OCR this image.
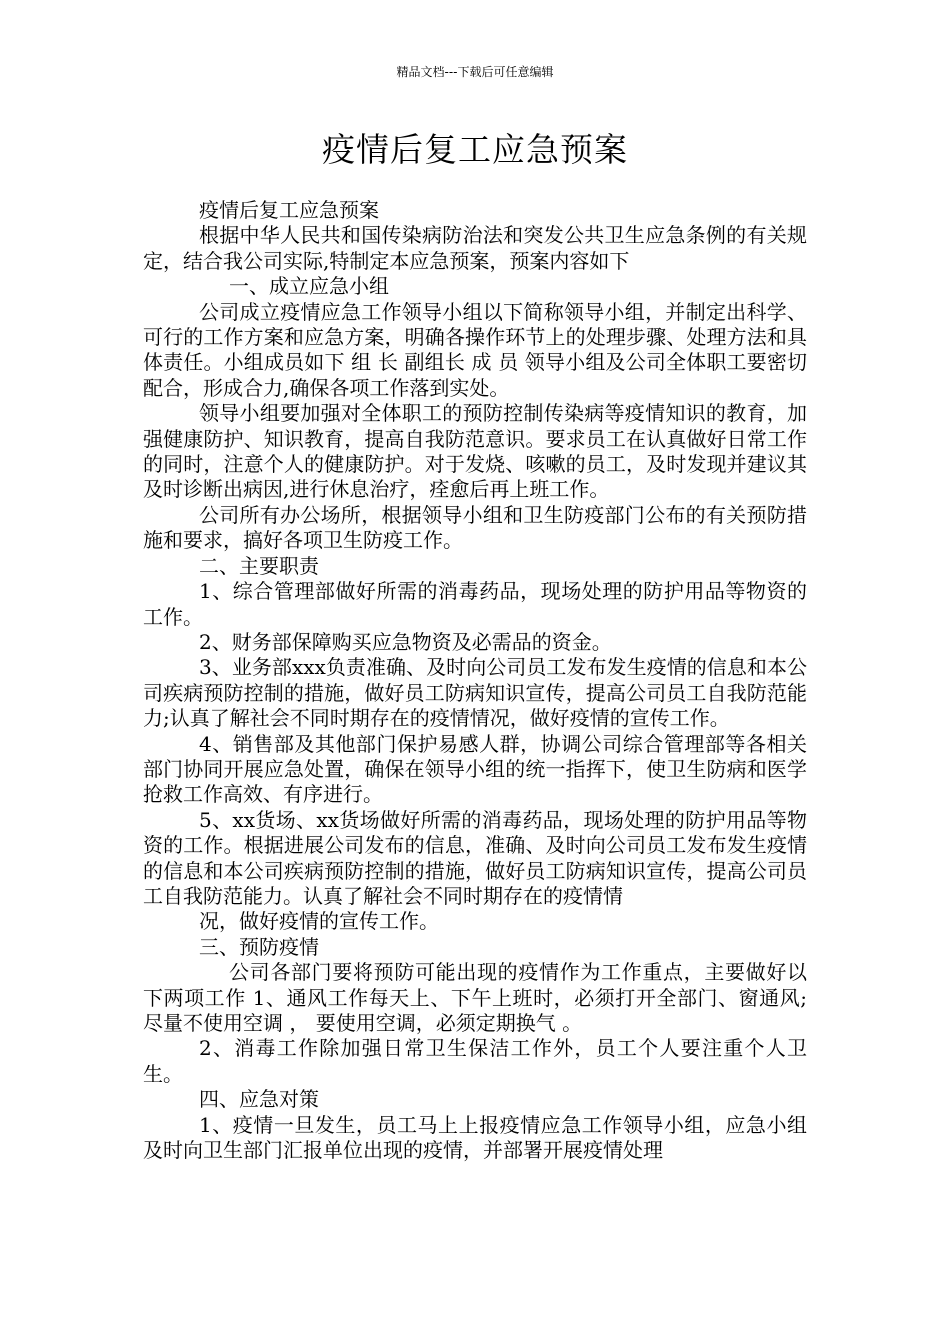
精品文档---下载后可任意编辑
疫情后复工应急预案

疫情后复工应急预案

根据中华人民共和国传染病防治法和突发公共卫生应急条例的有关规定，结合我公司实际,特制定本应急预案，预案内容如下

一、成立应急小组

公司成立疫情应急工作领导小组以下简称领导小组，并制定出科学、可行的工作方案和应急方案，明确各操作环节上的处理步骤、处理方法和具体责任。小组成员如下 组 长 副组长 成 员 领导小组及公司全体职工要密切配合，形成合力,确保各项工作落到实处。

领导小组要加强对全体职工的预防控制传染病等疫情知识的教育，加强健康防护、知识教育，提高自我防范意识。要求员工在认真做好日常工作的同时，注意个人的健康防护。对于发烧、咳嗽的员工，及时发现并建议其及时诊断出病因,进行休息治疗，痊愈后再上班工作。

公司所有办公场所，根据领导小组和卫生防疫部门公布的有关预防措施和要求，搞好各项卫生防疫工作。

二、主要职责

1、综合管理部做好所需的消毒药品，现场处理的防护用品等物资的工作。

2、财务部保障购买应急物资及必需品的资金。

3、业务部xxx负责准确、及时向公司员工发布发生疫情的信息和本公司疾病预防控制的措施，做好员工防病知识宣传，提高公司员工自我防范能力;认真了解社会不同时期存在的疫情情况，做好疫情的宣传工作。

4、销售部及其他部门保护易感人群，协调公司综合管理部等各相关部门协同开展应急处置，确保在领导小组的统一指挥下，使卫生防病和医学抢救工作高效、有序进行。

5、xx货场、xx货场做好所需的消毒药品，现场处理的防护用品等物资的工作。根据进展公司发布的信息，准确、及时向公司员工发布发生疫情的信息和本公司疾病预防控制的措施，做好员工防病知识宣传，提高公司员工自我防范能力。认真了解社会不同时期存在的疫情情

况，做好疫情的宣传工作。

三、预防疫情

公司各部门要将预防可能出现的疫情作为工作重点，主要做好以下两项工作 1、通风工作每天上、下午上班时，必须打开全部门、窗通风;尽量不使用空调 ， 要使用空调，必须定期换气 。

2、消毒工作除加强日常卫生保洁工作外，员工个人要注重个人卫生。

四、应急对策

1、疫情一旦发生，员工马上上报疫情应急工作领导小组，应急小组及时向卫生部门汇报单位出现的疫情，并部署开展疫情处理
